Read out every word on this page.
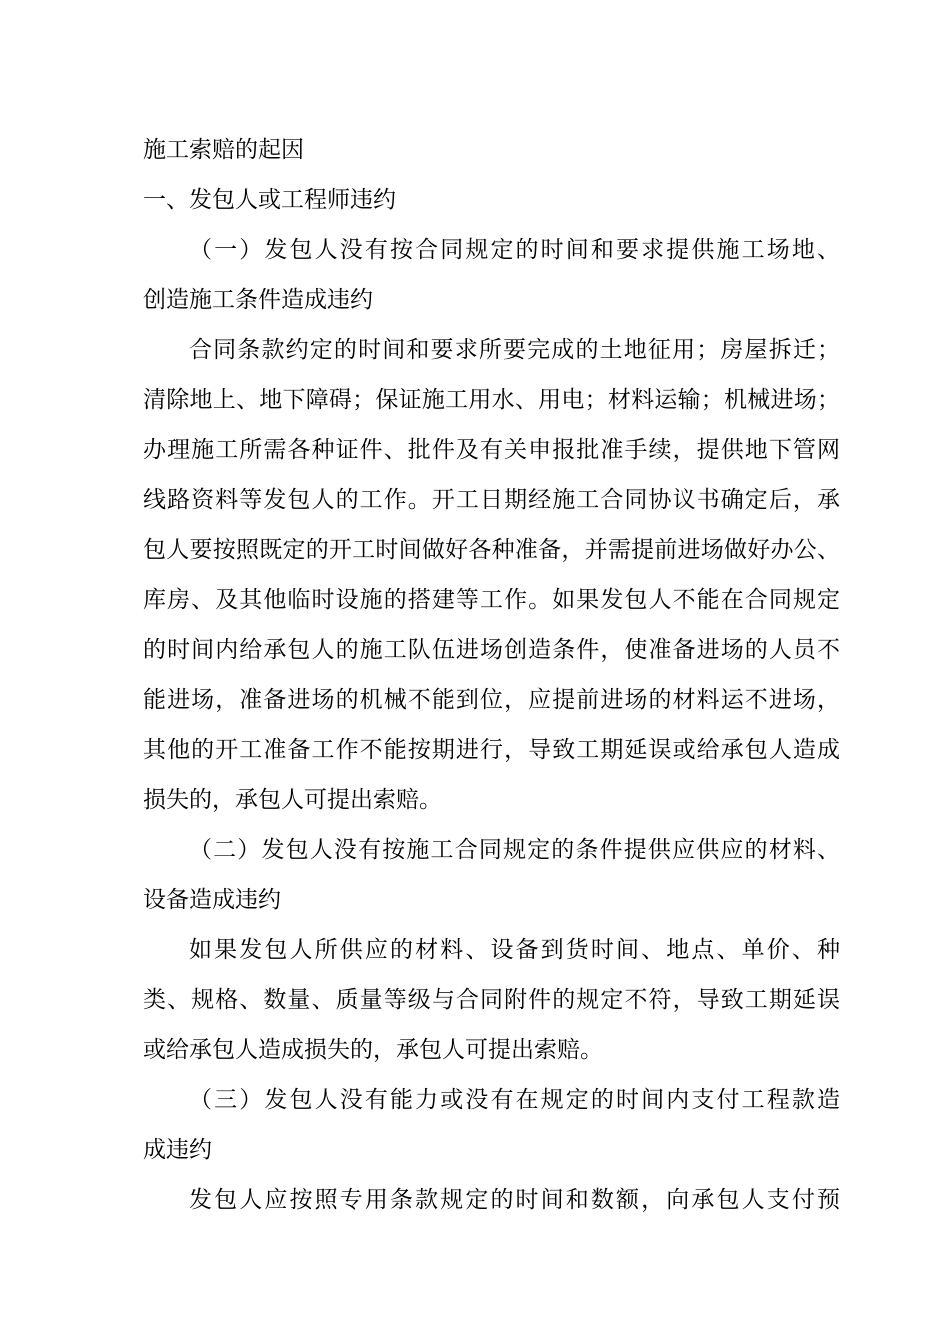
施工索赔的起因
一、发包人或工程师违约
（一）发包人没有按合同规定的时间和要求提供施工场地、
创造施工条件造成违约
合同条款约定的时间和要求所要完成的土地征用；房屋拆迁；
清除地上、地下障碍；保证施工用水、用电；材料运输；机械进场；
办理施工所需各种证件、批件及有关申报批准手续，提供地下管网
线路资料等发包人的工作。开工日期经施工合同协议书确定后，承
包人要按照既定的开工时间做好各种准备，并需提前进场做好办公、
库房、及其他临时设施的搭建等工作。如果发包人不能在合同规定
的时间内给承包人的施工队伍进场创造条件，使准备进场的人员不
能进场，准备进场的机械不能到位，应提前进场的材料运不进场，
其他的开工准备工作不能按期进行，导致工期延误或给承包人造成
损失的，承包人可提出索赔。
（二）发包人没有按施工合同规定的条件提供应供应的材料、
设备造成违约
如果发包人所供应的材料、设备到货时间、地点、单价、种
类、规格、数量、质量等级与合同附件的规定不符，导致工期延误
或给承包人造成损失的，承包人可提出索赔。
（三）发包人没有能力或没有在规定的时间内支付工程款造
成违约
发包人应按照专用条款规定的时间和数额，向承包人支付预
